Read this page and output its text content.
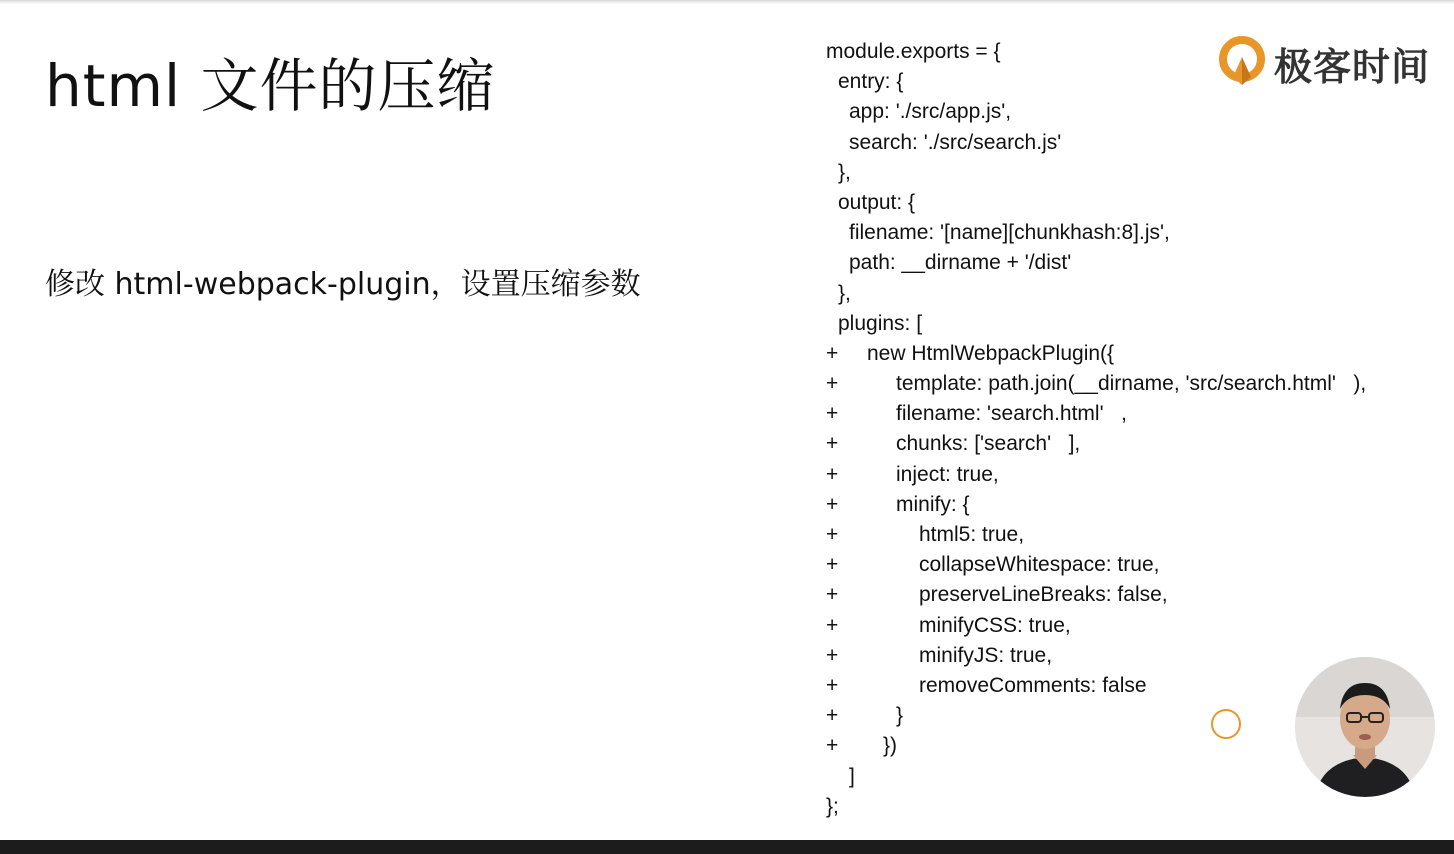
html 文件的压缩

修改 html-webpack-plugin，设置压缩参数

module.exports = {
entry: {
app: './src/app.js',
search: './src/search.js'
},
output: {
filename: '[name][chunkhash:8].js',
path: __dirname + '/dist'
},
plugins: [
+ new HtmlWebpackPlugin({
+	template: path.join(__dirname, 'src/search.html'   ),
+	filename: 'search.html'   ,
+	chunks: ['search'   ],
+	inject: true,
+	minify: {
+	html5: true,
+	collapseWhitespace: true,
+	preserveLineBreaks: false,
+	minifyCSS: true,
+	minifyJS: true,
+	removeComments: false
+	}
+ })
]
};
极客时间
